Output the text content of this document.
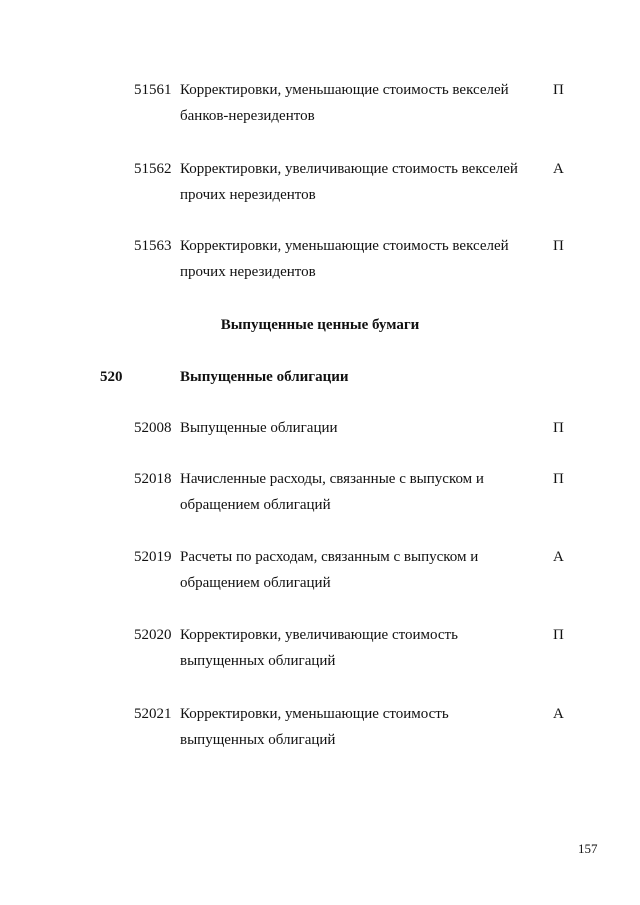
51561 Корректировки, уменьшающие стоимость векселей
банков-нерезидентов
П
51562 Корректировки, увеличивающие стоимость векселей
прочих нерезидентов
А
51563 Корректировки, уменьшающие стоимость векселей
прочих нерезидентов
П
Выпущенные ценные бумаги
520	Выпущенные облигации
52008 Выпущенные облигации	П
52018 Начисленные расходы, связанные с выпуском и
обращением облигаций
П
52019 Расчеты по расходам, связанным с выпуском и
обращением облигаций
А
52020 Корректировки, увеличивающие стоимость
выпущенных облигаций
П
52021 Корректировки, уменьшающие стоимость
выпущенных облигаций
А
157
